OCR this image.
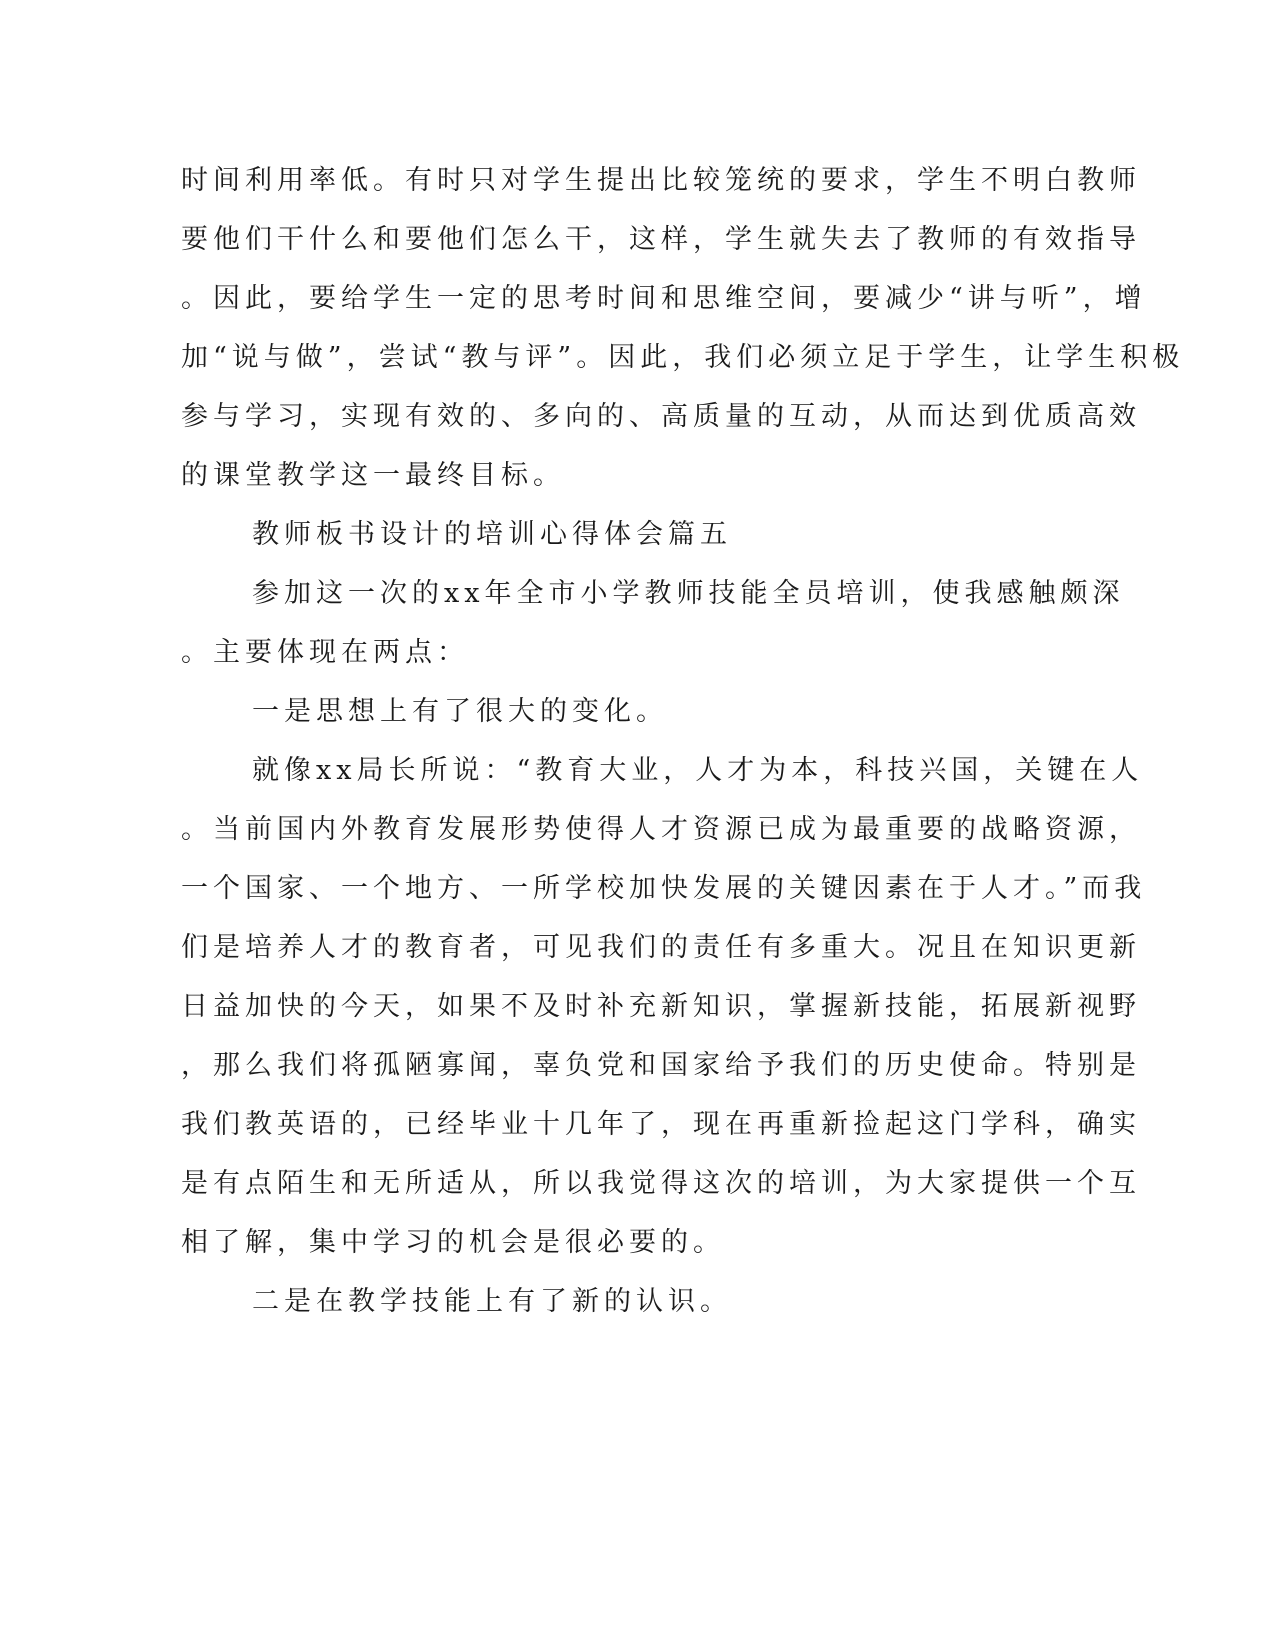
时间利用率低。有时只对学生提出比较笼统的要求，学生不明白教师
要他们干什么和要他们怎么干，这样，学生就失去了教师的有效指导
。因此，要给学生一定的思考时间和思维空间，要减少“讲与听”，增
加“说与做”，尝试“教与评”。因此，我们必须立足于学生，让学生积极
参与学习，实现有效的、多向的、高质量的互动，从而达到优质高效
的课堂教学这一最终目标。
教师板书设计的培训心得体会篇五
参加这一次的xx年全市小学教师技能全员培训，使我感触颇深
。主要体现在两点：
一是思想上有了很大的变化。
就像xx局长所说：“教育大业，人才为本，科技兴国，关键在人
。当前国内外教育发展形势使得人才资源已成为最重要的战略资源，
一个国家、一个地方、一所学校加快发展的关键因素在于人才。”而我
们是培养人才的教育者，可见我们的责任有多重大。况且在知识更新
日益加快的今天，如果不及时补充新知识，掌握新技能，拓展新视野
，那么我们将孤陋寡闻，辜负党和国家给予我们的历史使命。特别是
我们教英语的，已经毕业十几年了，现在再重新捡起这门学科，确实
是有点陌生和无所适从，所以我觉得这次的培训，为大家提供一个互
相了解，集中学习的机会是很必要的。
二是在教学技能上有了新的认识。
